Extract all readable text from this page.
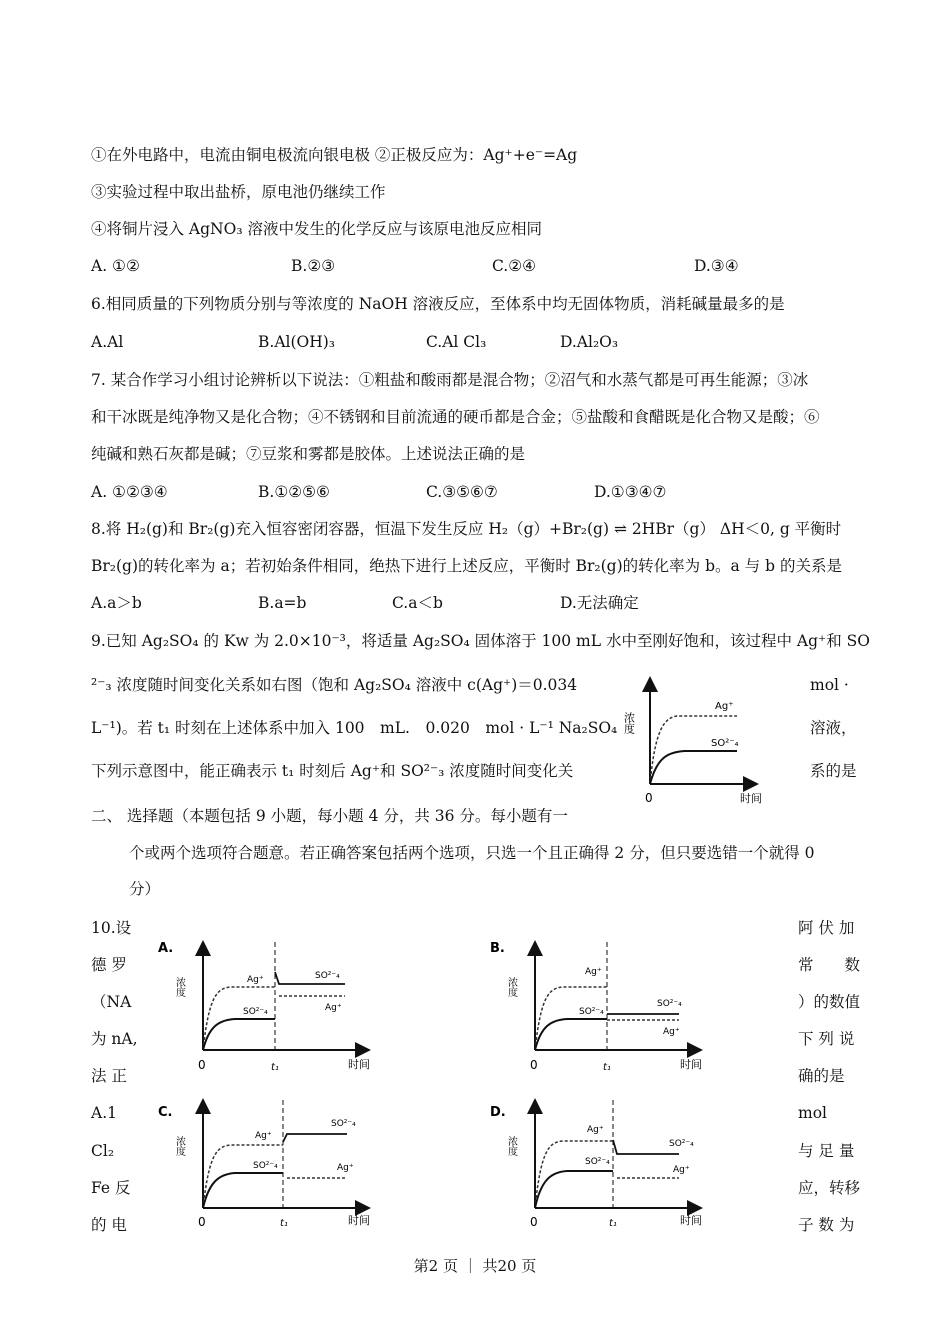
①在外电路中，电流由铜电极流向银电极 ②正极反应为：Ag⁺+e⁻=Ag
③实验过程中取出盐桥，原电池仍继续工作
④将铜片浸入 AgNO₃ 溶液中发生的化学反应与该原电池反应相同
A. ①②	B.②③	C.②④	D.③④
6.相同质量的下列物质分别与等浓度的 NaOH 溶液反应，至体系中均无固体物质，消耗碱量最多的是
A.Al	B.Al(OH)₃	C.Al Cl₃	D.Al₂O₃
7. 某合作学习小组讨论辨析以下说法：①粗盐和酸雨都是混合物；②沼气和水蒸气都是可再生能源；③冰
和干冰既是纯净物又是化合物；④不锈钢和目前流通的硬币都是合金；⑤盐酸和食醋既是化合物又是酸；⑥
纯碱和熟石灰都是碱；⑦豆浆和雾都是胶体。上述说法正确的是
A. ①②③④	B.①②⑤⑥	C.③⑤⑥⑦	D.①③④⑦
8.将 H₂(g)和 Br₂(g)充入恒容密闭容器，恒温下发生反应 H₂（g）+Br₂(g) ⇌ 2HBr（g） ΔH＜0, g 平衡时
Br₂(g)的转化率为 a；若初始条件相同，绝热下进行上述反应，平衡时 Br₂(g)的转化率为 b。a 与 b 的关系是
A.a＞b	B.a=b	C.a＜b	D.无法确定
9.已知 Ag₂SO₄ 的 Kw 为 2.0×10⁻³，将适量 Ag₂SO₄ 固体溶于 100 mL 水中至刚好饱和，该过程中 Ag⁺和 SO
²⁻₃ 浓度随时间变化关系如右图（饱和 Ag₂SO₄ 溶液中 c(Ag⁺)＝0.034	mol ·
L⁻¹)。若 t₁ 时刻在上述体系中加入 100　mL.　0.020　mol · L⁻¹ Na₂SO₄	溶液，
下列示意图中，能正确表示 t₁ 时刻后 Ag⁺和 SO²⁻₃ 浓度随时间变化关	系的是
浓度
时间
0
Ag⁺
SO²⁻₄
二、 选择题（本题包括 9 小题，每小题 4 分，共 36 分。每小题有一
个或两个选项符合题意。若正确答案包括两个选项，只选一个且正确得 2 分，但只要选错一个就得 0
分）
10.设
德 罗
（NA
为 nA,
法 正
A.1
Cl₂
Fe 反
的 电
阿 伏 加
常　　数
）的数值
下 列 说
确的是
mol
与 足 量
应，转移
子 数 为
A.
浓度
时间
0	t₁
Ag⁺
SO²⁻₄
SO²⁻₄
Ag⁺
B.
浓度
时间
0	t₁
Ag⁺
SO²⁻₄
SO²⁻₄
Ag⁺
C.
浓度
时间
0	t₁
Ag⁺
SO²⁻₄
SO²⁻₄
Ag⁺
D.
浓度
时间
0	t₁
Ag⁺
SO²⁻₄
SO²⁻₄
Ag⁺
第2 页 ｜ 共20 页
